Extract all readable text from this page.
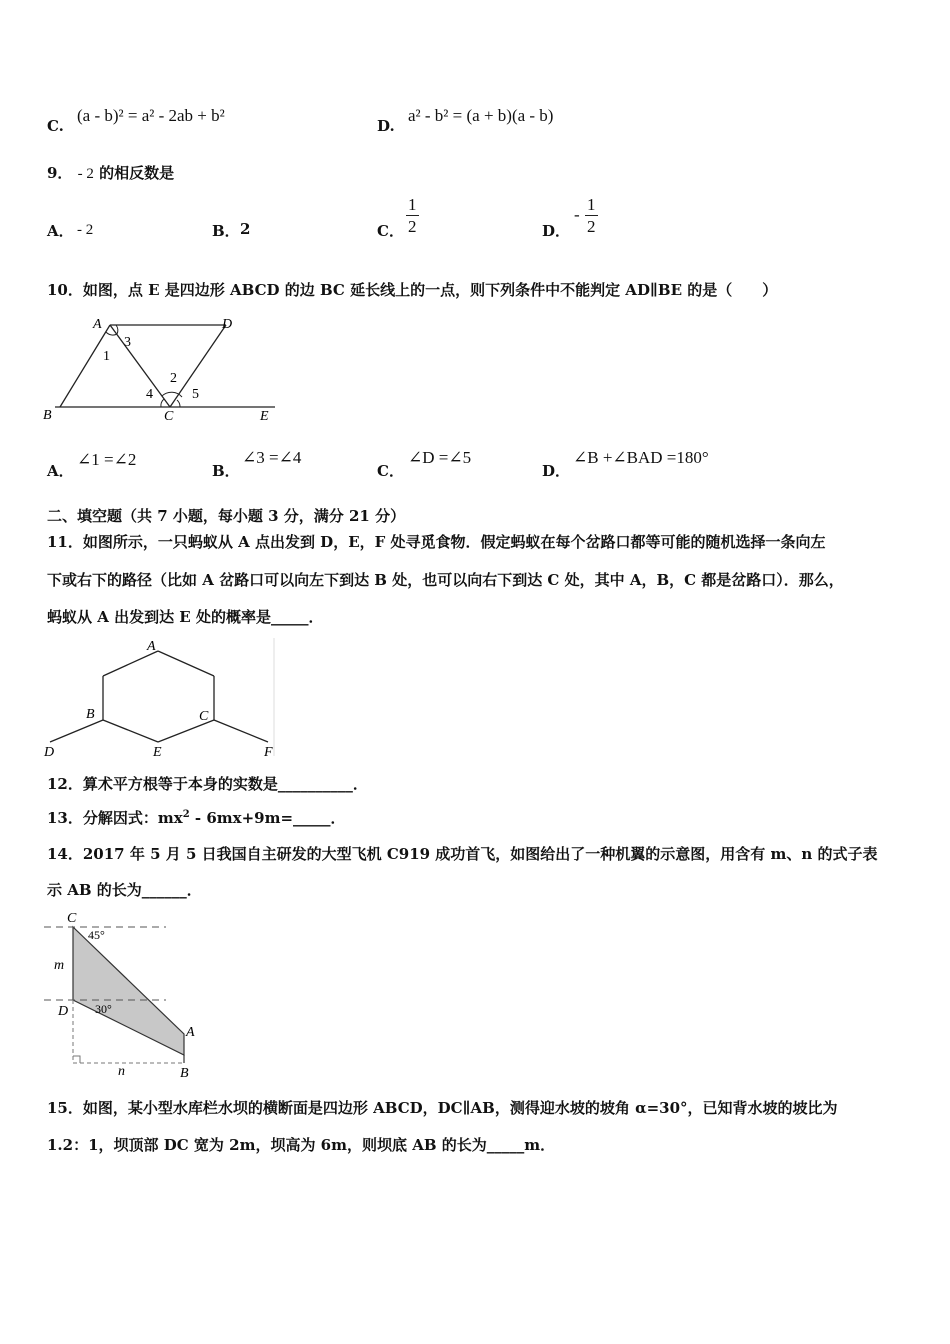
C.
(a - b)² = a² - 2ab + b²
D.
a² - b² = (a + b)(a - b)
9． - 2 的相反数是
A． - 2	B． 2	C． $\frac{1}{2}$	D．
- $\frac{1}{2}$
10．如图，点 E 是四边形 ABCD 的边 BC 延长线上的一点，则下列条件中不能判定 AD∥BE 的是（　　）
A	D
B	C	E
1
2
3
4	5
A．
∠1 =∠2
B．
∠3 =∠4
C．
∠D =∠5
D．
∠B +∠BAD =180°
二、填空题（共 7 小题，每小题 3 分，满分 21 分）
11．如图所示，一只蚂蚁从 A 点出发到 D，E，F 处寻觅食物．假定蚂蚁在每个岔路口都等可能的随机选择一条向左
下或右下的路径（比如 A 岔路口可以向左下到达 B 处，也可以向右下到达 C 处，其中 A，B，C 都是岔路口）．那么，
蚂蚁从 A 出发到达 E 处的概率是_____．
A
B	C
D	E	F
12．算术平方根等于本身的实数是__________．
13．分解因式：$mx^2$ - 6mx+9m=_____．
14．2017 年 5 月 5 日我国自主研发的大型飞机 C919 成功首飞，如图给出了一种机翼的示意图，用含有 m、n 的式子表
示 AB 的长为______．
C
45°
m
D 30°
A
B
n
15．如图，某小型水库栏水坝的横断面是四边形 ABCD，DC∥AB，测得迎水坡的坡角 α=30°，已知背水坡的坡比为
1.2：1，坝顶部 DC 宽为 2m，坝高为 6m，则坝底 AB 的长为_____m．
